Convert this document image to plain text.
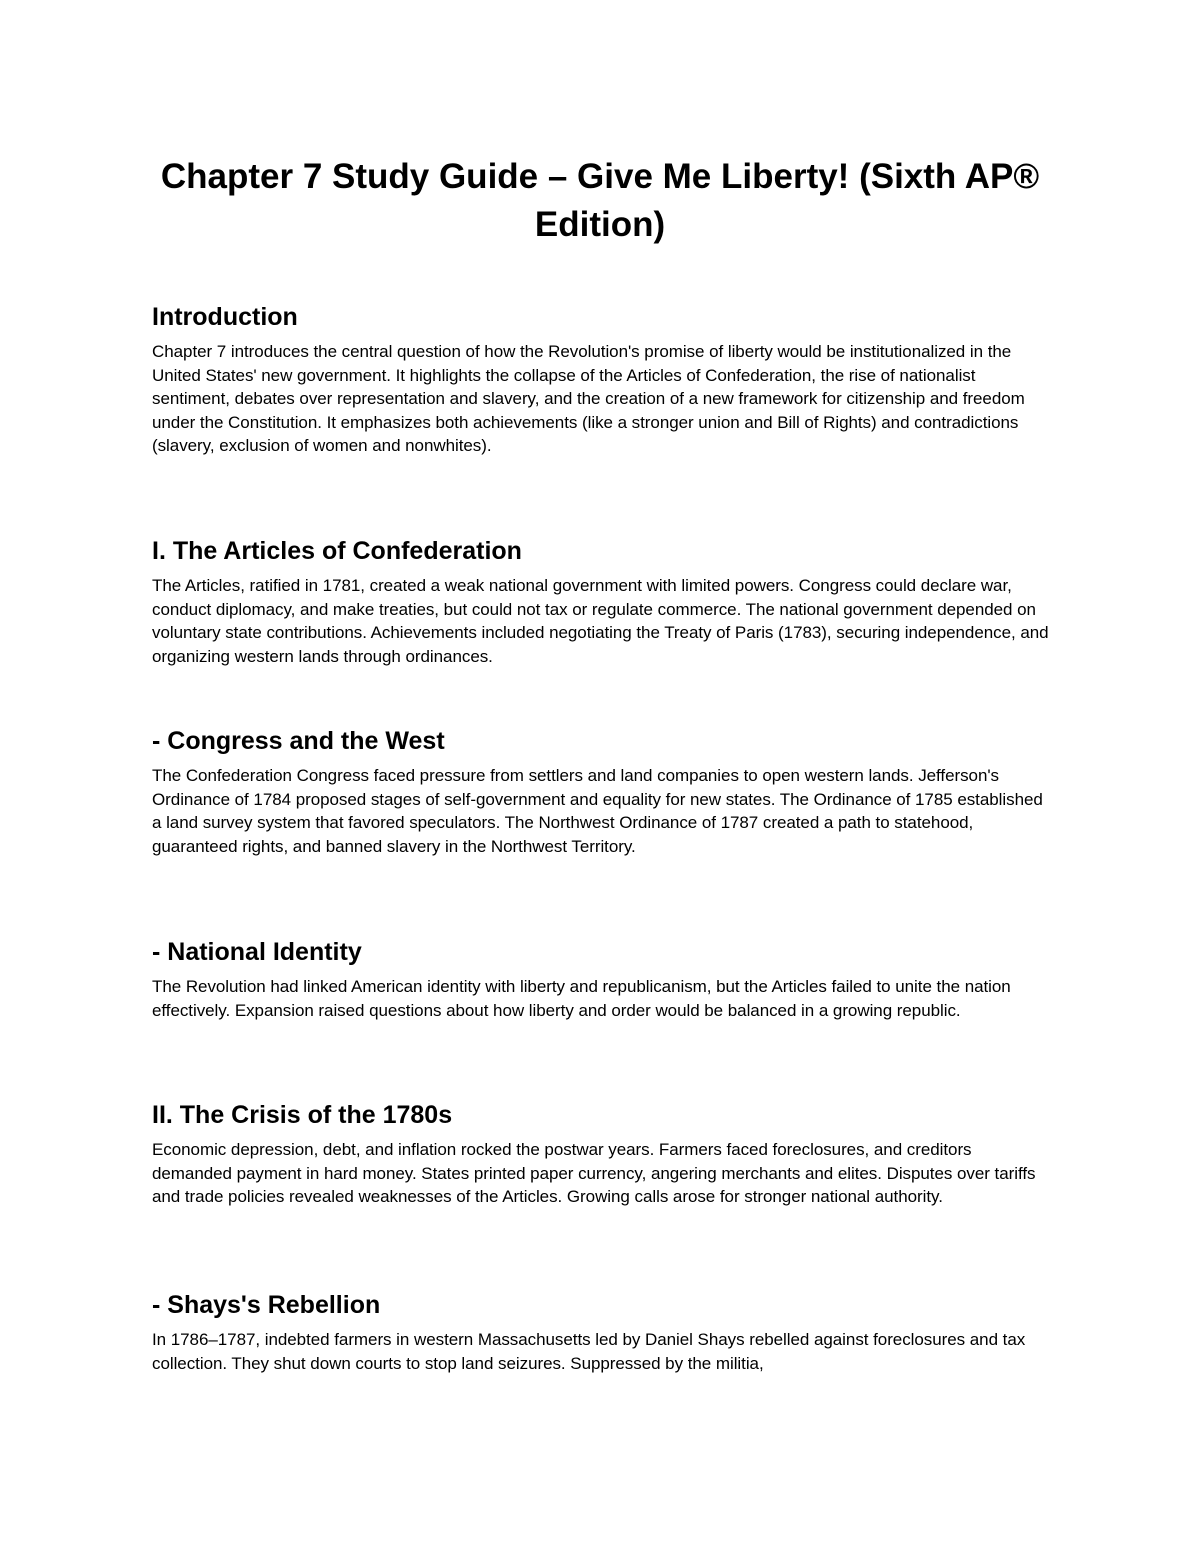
Chapter 7 Study Guide – Give Me Liberty! (Sixth AP® Edition)
Introduction

Chapter 7 introduces the central question of how the Revolution's promise of liberty would be institutionalized in the United States' new government. It highlights the collapse of the Articles of Confederation, the rise of nationalist sentiment, debates over representation and slavery, and the creation of a new framework for citizenship and freedom under the Constitution. It emphasizes both achievements (like a stronger union and Bill of Rights) and contradictions (slavery, exclusion of women and nonwhites).

I. The Articles of Confederation

The Articles, ratified in 1781, created a weak national government with limited powers. Congress could declare war, conduct diplomacy, and make treaties, but could not tax or regulate commerce. The national government depended on voluntary state contributions. Achievements included negotiating the Treaty of Paris (1783), securing independence, and organizing western lands through ordinances.

- Congress and the West

The Confederation Congress faced pressure from settlers and land companies to open western lands. Jefferson's Ordinance of 1784 proposed stages of self-government and equality for new states. The Ordinance of 1785 established a land survey system that favored speculators. The Northwest Ordinance of 1787 created a path to statehood, guaranteed rights, and banned slavery in the Northwest Territory.

- National Identity

The Revolution had linked American identity with liberty and republicanism, but the Articles failed to unite the nation effectively. Expansion raised questions about how liberty and order would be balanced in a growing republic.

II. The Crisis of the 1780s

Economic depression, debt, and inflation rocked the postwar years. Farmers faced foreclosures, and creditors demanded payment in hard money. States printed paper currency, angering merchants and elites. Disputes over tariffs and trade policies revealed weaknesses of the Articles. Growing calls arose for stronger national authority.

- Shays's Rebellion

In 1786–1787, indebted farmers in western Massachusetts led by Daniel Shays rebelled against foreclosures and tax collection. They shut down courts to stop land seizures. Suppressed by the militia,
